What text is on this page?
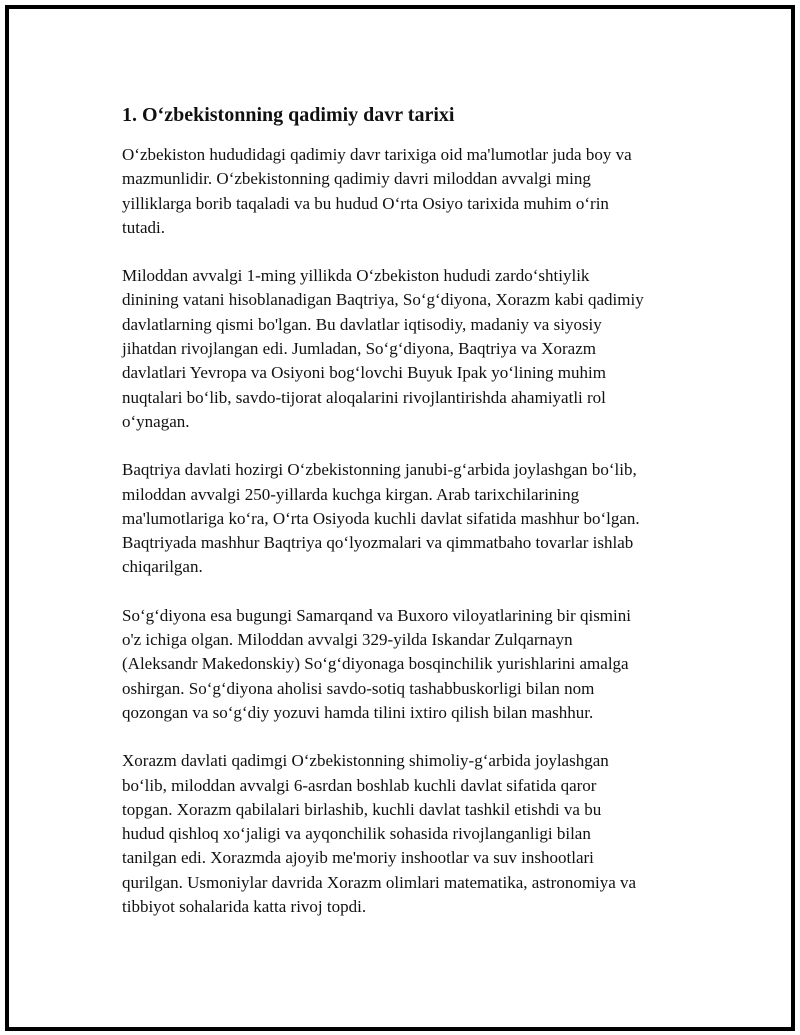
1. O‘zbekistonning qadimiy davr tarixi

O‘zbekiston hududidagi qadimiy davr tarixiga oid ma'lumotlar juda boy va
mazmunlidir. O‘zbekistonning qadimiy davri miloddan avvalgi ming
yilliklarga borib taqaladi va bu hudud O‘rta Osiyo tarixida muhim o‘rin
tutadi.

Miloddan avvalgi 1-ming yillikda O‘zbekiston hududi zardo‘shtiylik
dinining vatani hisoblanadigan Baqtriya, So‘g‘diyona, Xorazm kabi qadimiy
davlatlarning qismi bo'lgan. Bu davlatlar iqtisodiy, madaniy va siyosiy
jihatdan rivojlangan edi. Jumladan, So‘g‘diyona, Baqtriya va Xorazm
davlatlari Yevropa va Osiyoni bog‘lovchi Buyuk Ipak yo‘lining muhim
nuqtalari bo‘lib, savdo-tijorat aloqalarini rivojlantirishda ahamiyatli rol
o‘ynagan.

Baqtriya davlati hozirgi O‘zbekistonning janubi-g‘arbida joylashgan bo‘lib,
miloddan avvalgi 250-yillarda kuchga kirgan. Arab tarixchilarining
ma'lumotlariga ko‘ra, O‘rta Osiyoda kuchli davlat sifatida mashhur bo‘lgan.
Baqtriyada mashhur Baqtriya qo‘lyozmalari va qimmatbaho tovarlar ishlab
chiqarilgan.

So‘g‘diyona esa bugungi Samarqand va Buxoro viloyatlarining bir qismini
o'z ichiga olgan. Miloddan avvalgi 329-yilda Iskandar Zulqarnayn
(Aleksandr Makedonskiy) So‘g‘diyonaga bosqinchilik yurishlarini amalga
oshirgan. So‘g‘diyona aholisi savdo-sotiq tashabbuskorligi bilan nom
qozongan va so‘g‘diy yozuvi hamda tilini ixtiro qilish bilan mashhur.

Xorazm davlati qadimgi O‘zbekistonning shimoliy-g‘arbida joylashgan
bo‘lib, miloddan avvalgi 6-asrdan boshlab kuchli davlat sifatida qaror
topgan. Xorazm qabilalari birlashib, kuchli davlat tashkil etishdi va bu
hudud qishloq xo‘jaligi va ayqonchilik sohasida rivojlanganligi bilan
tanilgan edi. Xorazmda ajoyib me'moriy inshootlar va suv inshootlari
qurilgan. Usmoniylar davrida Xorazm olimlari matematika, astronomiya va
tibbiyot sohalarida katta rivoj topdi.
